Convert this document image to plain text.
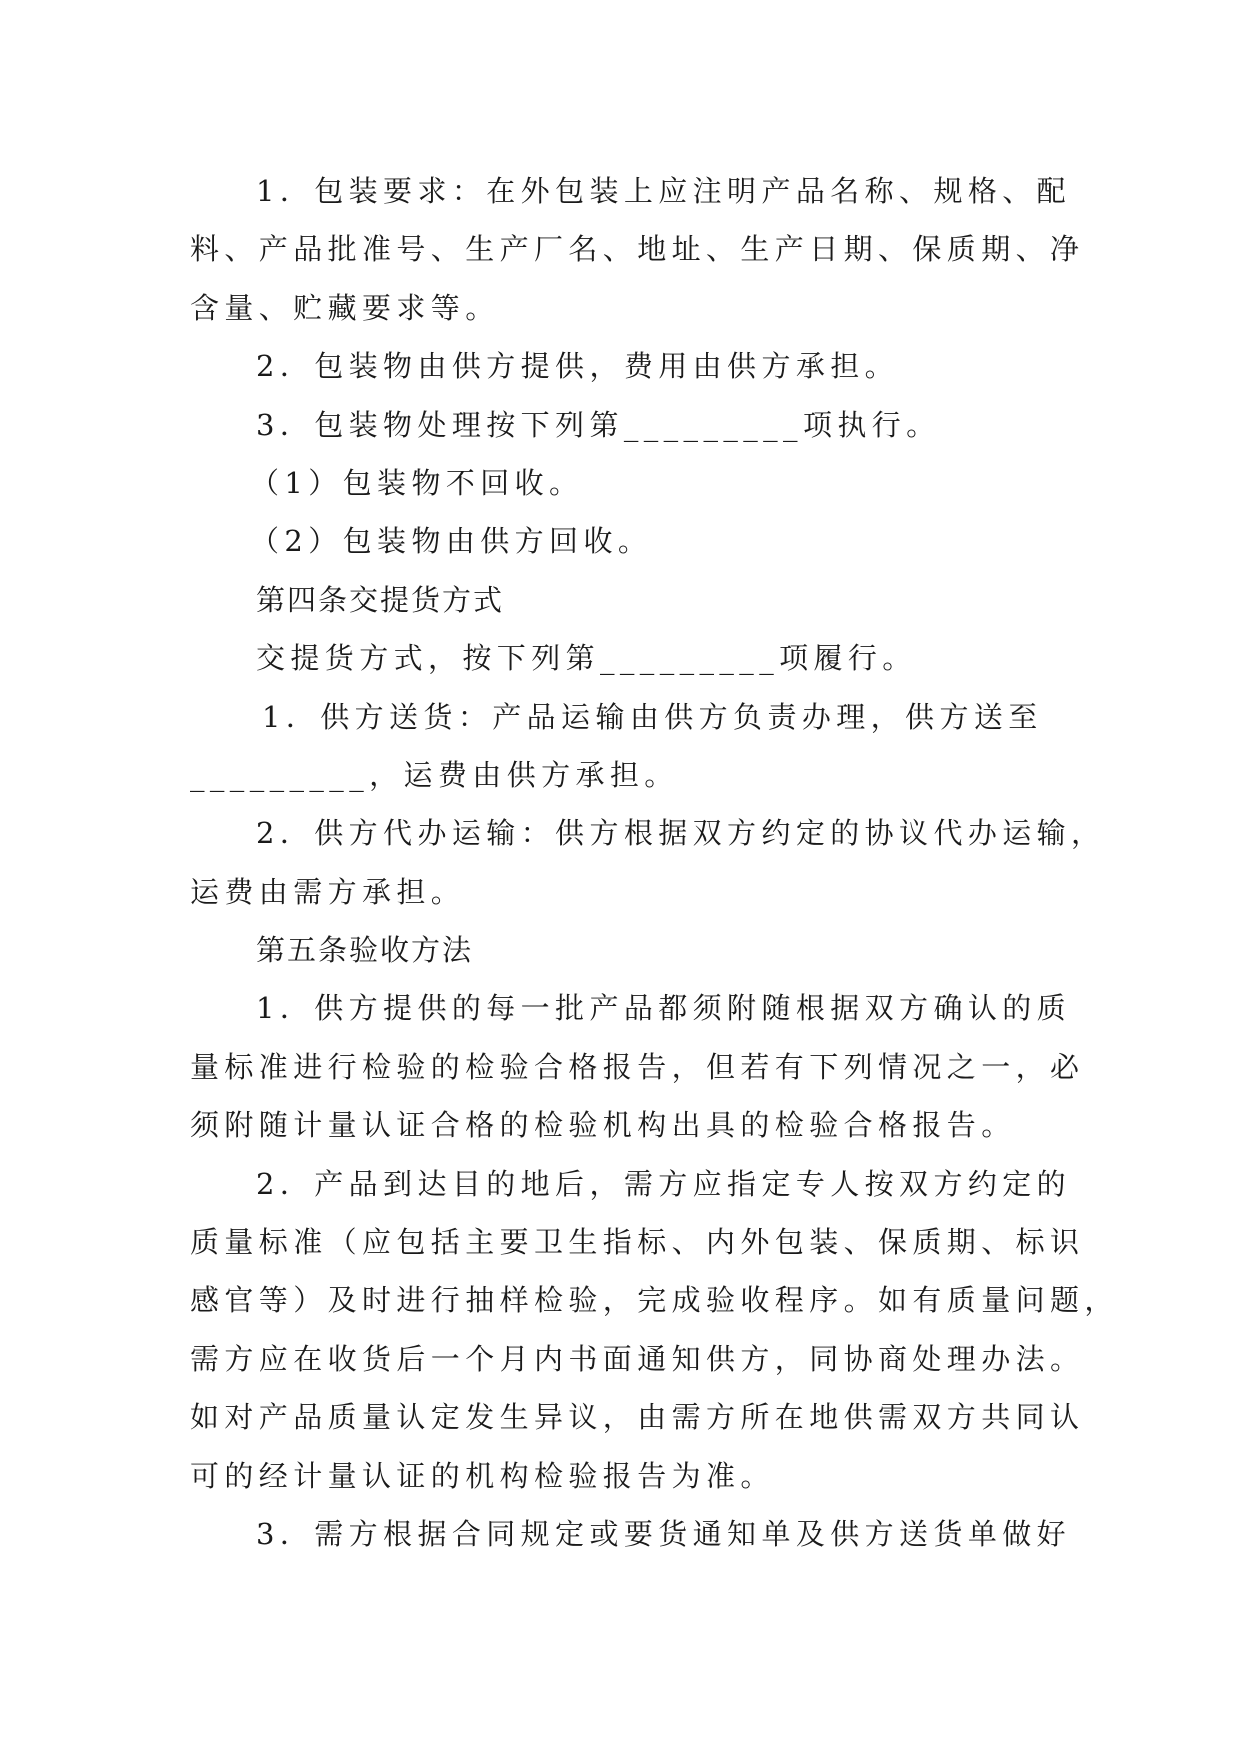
1．包装要求：在外包装上应注明产品名称、规格、配
料、产品批准号、生产厂名、地址、生产日期、保质期、净
含量、贮藏要求等。
2．包装物由供方提供，费用由供方承担。
3．包装物处理按下列第_________项执行。
（1）包装物不回收。
（2）包装物由供方回收。
第四条交提货方式
交提货方式，按下列第_________项履行。
1．供方送货：产品运输由供方负责办理，供方送至
_________，运费由供方承担。
2．供方代办运输：供方根据双方约定的协议代办运输，
运费由需方承担。
第五条验收方法
1．供方提供的每一批产品都须附随根据双方确认的质
量标准进行检验的检验合格报告，但若有下列情况之一，必
须附随计量认证合格的检验机构出具的检验合格报告。
2．产品到达目的地后，需方应指定专人按双方约定的
质量标准（应包括主要卫生指标、内外包装、保质期、标识
感官等）及时进行抽样检验，完成验收程序。如有质量问题，
需方应在收货后一个月内书面通知供方，同协商处理办法。
如对产品质量认定发生异议，由需方所在地供需双方共同认
可的经计量认证的机构检验报告为准。
3．需方根据合同规定或要货通知单及供方送货单做好
